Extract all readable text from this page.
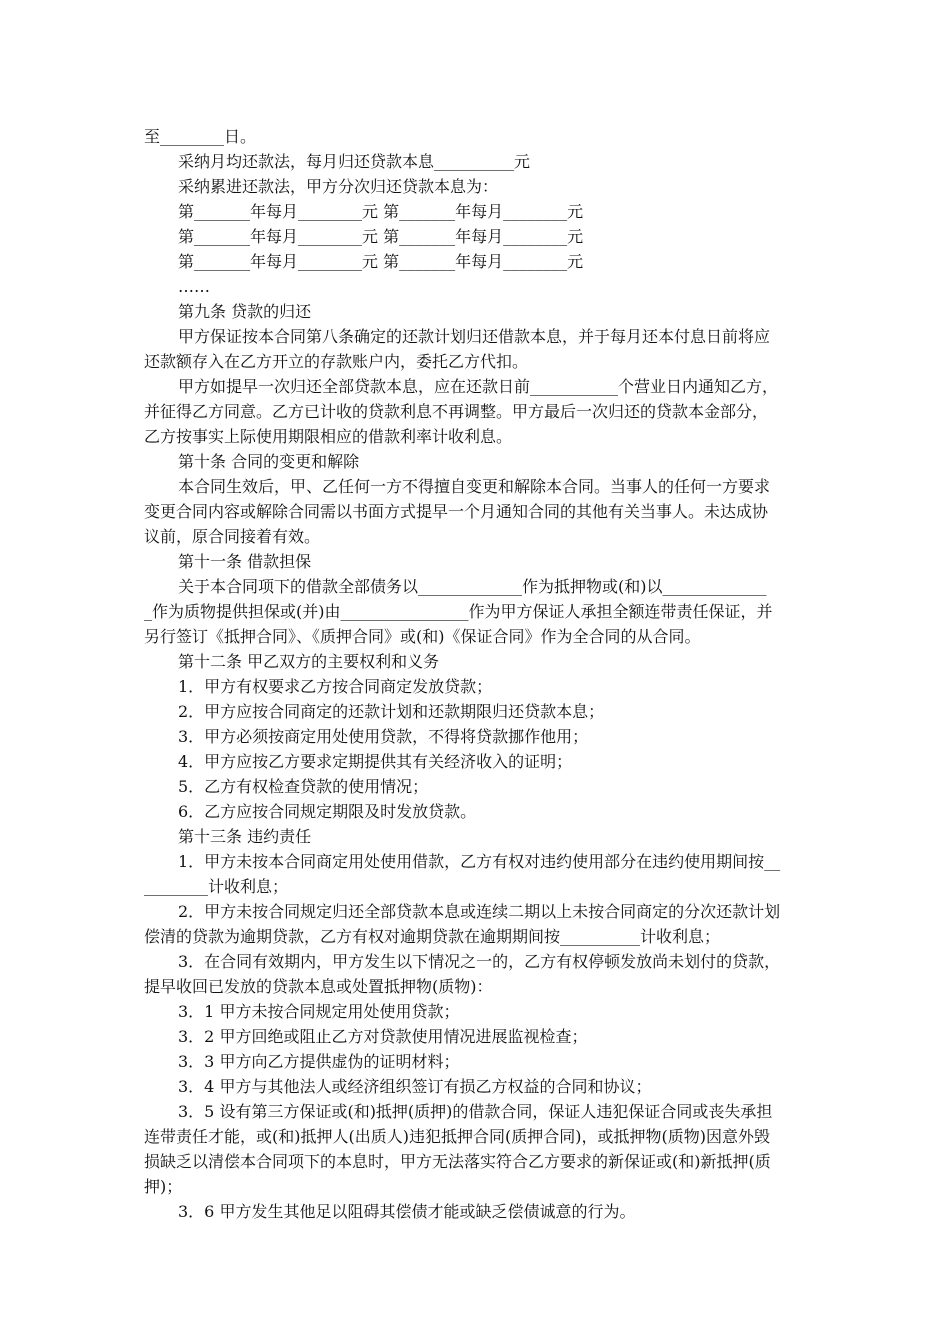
至________日。
采纳月均还款法，每月归还贷款本息__________元
采纳累进还款法，甲方分次归还贷款本息为：
第_______年每月________元 第_______年每月________元
第_______年每月________元 第_______年每月________元
第_______年每月________元 第_______年每月________元
……
第九条 贷款的归还
甲方保证按本合同第八条确定的还款计划归还借款本息，并于每月还本付息日前将应
还款额存入在乙方开立的存款账户内，委托乙方代扣。
甲方如提早一次归还全部贷款本息，应在还款日前___________个营业日内通知乙方，
并征得乙方同意。乙方已计收的贷款利息不再调整。甲方最后一次归还的贷款本金部分，
乙方按事实上际使用期限相应的借款利率计收利息。
第十条 合同的变更和解除
本合同生效后，甲、乙任何一方不得擅自变更和解除本合同。当事人的任何一方要求
变更合同内容或解除合同需以书面方式提早一个月通知合同的其他有关当事人。未达成协
议前，原合同接着有效。
第十一条 借款担保
关于本合同项下的借款全部债务以_____________作为抵押物或(和)以_____________
_作为质物提供担保或(并)由________________作为甲方保证人承担全额连带责任保证，并
另行签订《抵押合同》、《质押合同》或(和)《保证合同》作为全合同的从合同。
第十二条 甲乙双方的主要权利和义务
1．甲方有权要求乙方按合同商定发放贷款；
2．甲方应按合同商定的还款计划和还款期限归还贷款本息；
3．甲方必须按商定用处使用贷款，不得将贷款挪作他用；
4．甲方应按乙方要求定期提供其有关经济收入的证明；
5．乙方有权检查贷款的使用情况；
6．乙方应按合同规定期限及时发放贷款。
第十三条 违约责任
1．甲方未按本合同商定用处使用借款，乙方有权对违约使用部分在违约使用期间按__
________计收利息；
2．甲方未按合同规定归还全部贷款本息或连续二期以上未按合同商定的分次还款计划
偿清的贷款为逾期贷款，乙方有权对逾期贷款在逾期期间按__________计收利息；
3．在合同有效期内，甲方发生以下情况之一的，乙方有权停顿发放尚未划付的贷款，
提早收回已发放的贷款本息或处置抵押物(质物)：
3．1 甲方未按合同规定用处使用贷款；
3．2 甲方回绝或阻止乙方对贷款使用情况进展监视检查；
3．3 甲方向乙方提供虚伪的证明材料；
3．4 甲方与其他法人或经济组织签订有损乙方权益的合同和协议；
3．5 设有第三方保证或(和)抵押(质押)的借款合同，保证人违犯保证合同或丧失承担
连带责任才能，或(和)抵押人(出质人)违犯抵押合同(质押合同)，或抵押物(质物)因意外毁
损缺乏以清偿本合同项下的本息时，甲方无法落实符合乙方要求的新保证或(和)新抵押(质
押)；
3．6 甲方发生其他足以阻碍其偿债才能或缺乏偿债诚意的行为。
